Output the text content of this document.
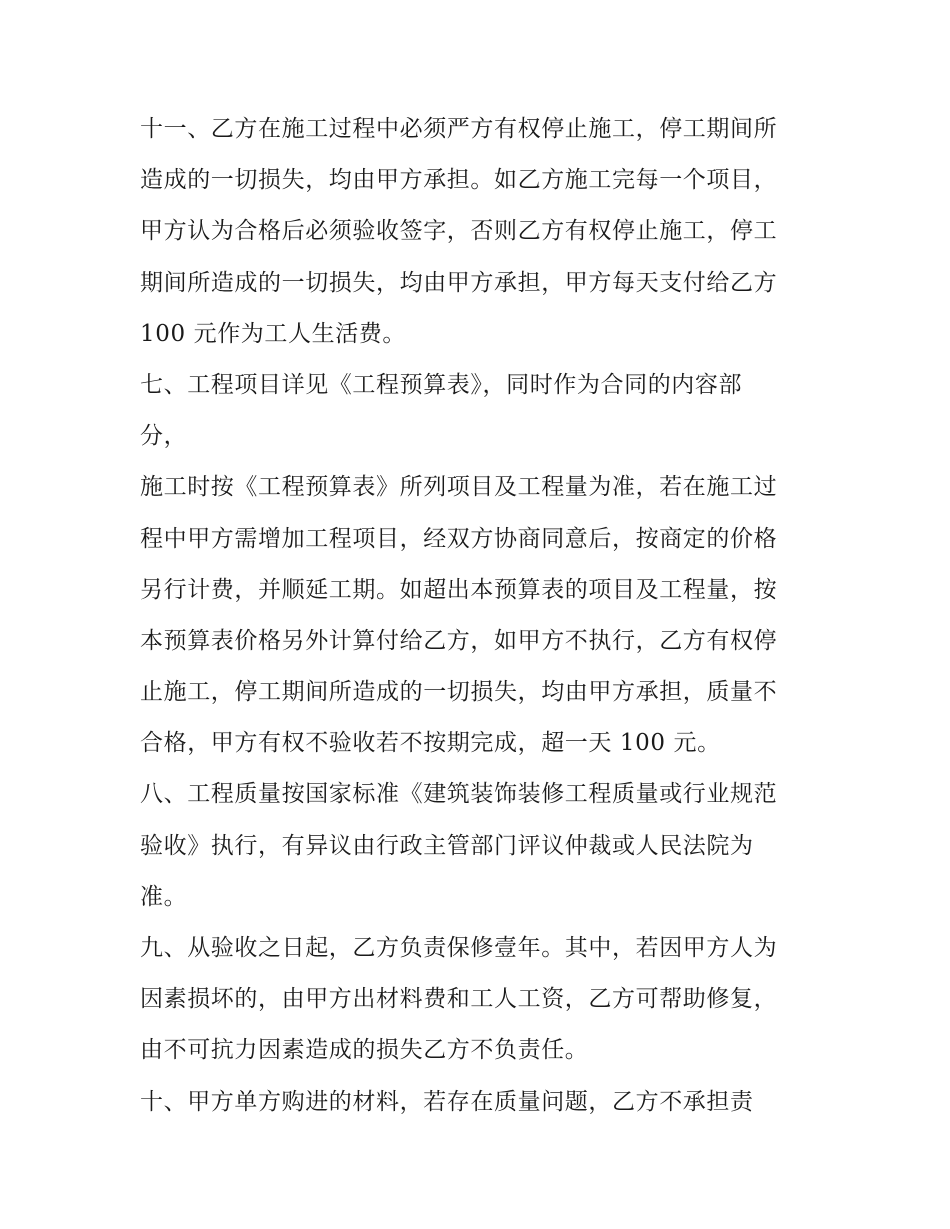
十一、乙方在施工过程中必须严方有权停止施工，停工期间所
造成的一切损失，均由甲方承担。如乙方施工完每一个项目，
甲方认为合格后必须验收签字，否则乙方有权停止施工，停工
期间所造成的一切损失，均由甲方承担，甲方每天支付给乙方
100 元作为工人生活费。
七、工程项目详见《工程预算表》，同时作为合同的内容部
分，
施工时按《工程预算表》所列项目及工程量为准，若在施工过
程中甲方需增加工程项目，经双方协商同意后，按商定的价格
另行计费，并顺延工期。如超出本预算表的项目及工程量，按
本预算表价格另外计算付给乙方，如甲方不执行，乙方有权停
止施工，停工期间所造成的一切损失，均由甲方承担，质量不
合格，甲方有权不验收若不按期完成，超一天 100 元。
八、工程质量按国家标准《建筑装饰装修工程质量或行业规范
验收》执行，有异议由行政主管部门评议仲裁或人民法院为
准。
九、从验收之日起，乙方负责保修壹年。其中，若因甲方人为
因素损坏的，由甲方出材料费和工人工资，乙方可帮助修复，
由不可抗力因素造成的损失乙方不负责任。
十、甲方单方购进的材料，若存在质量问题，乙方不承担责
